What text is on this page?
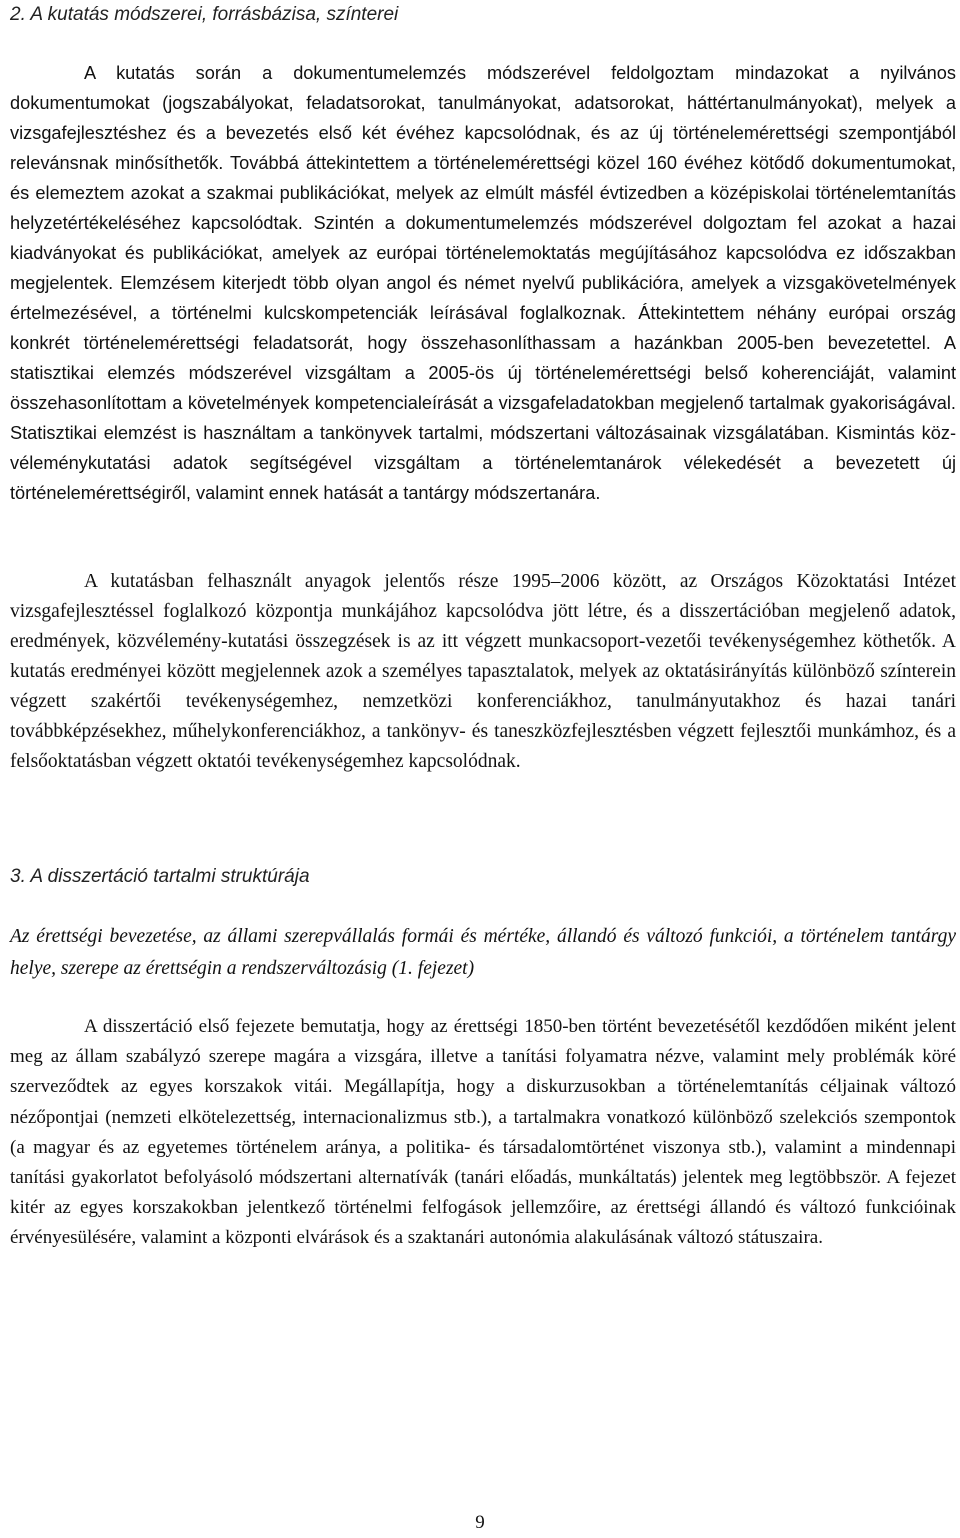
2. A kutatás módszerei, forrásbázisa, színterei

A kutatás során a dokumentumelemzés módszerével feldolgoztam mindazokat a nyilvános dokumentumokat (jogszabályokat, feladatsorokat, tanulmányokat, adatsorokat, háttértanulmányokat), melyek a vizsgafejlesztéshez és a bevezetés első két évéhez kapcsolódnak, és az új történelemérettségi szempontjából relevánsnak minősíthetők. Továbbá áttekintettem a történelemérettségi közel 160 évéhez kötődő dokumentumokat, és elemeztem azokat a szakmai publikációkat, melyek az elmúlt másfél évtizedben a középiskolai történelemtanítás helyzetértékeléséhez kapcsolódtak. Szintén a dokumentumelemzés módszerével dolgoztam fel azokat a hazai kiadványokat és publikációkat, amelyek az európai történelemoktatás megújításához kapcsolódva ez időszakban megjelentek. Elemzésem kiterjedt több olyan angol és német nyelvű publikációra, amelyek a vizsgakövetelmények értelmezésével, a történelmi kulcskompetenciák leírásával foglalkoznak. Áttekintettem néhány európai ország konkrét történelemérettségi feladatsorát, hogy összehasonlíthassam a hazánkban 2005-ben bevezetettel. A statisztikai elemzés módszerével vizsgáltam a 2005-ös új történelemérettségi belső koherenciáját, valamint összehasonlítottam a követelmények kompetencialeírását a vizsgafeladatokban megjelenő tartalmak gyakoriságával. Statisztikai elemzést is használtam a tankönyvek tartalmi, módszertani változásainak vizsgálatában. Kismintás köz-véleménykutatási adatok segítségével vizsgáltam a történelemtanárok vélekedését a bevezetett új történelemérettségiről, valamint ennek hatását a tantárgy módszertanára.

A kutatásban felhasznált anyagok jelentős része 1995–2006 között, az Országos Közoktatási Intézet vizsgafejlesztéssel foglalkozó központja munkájához kapcsolódva jött létre, és a disszertációban megjelenő adatok, eredmények, közvélemény-kutatási összegzések is az itt végzett munkacsoport-vezetői tevékenységemhez köthetők. A kutatás eredményei között megjelennek azok a személyes tapasztalatok, melyek az oktatásirányítás különböző színterein végzett szakértői tevékenységemhez, nemzetközi konferenciákhoz, tanulmányutakhoz és hazai tanári továbbképzésekhez, műhelykonferenciákhoz, a tankönyv- és taneszközfejlesztésben végzett fejlesztői munkámhoz, és a felsőoktatásban végzett oktatói tevékenységemhez kapcsolódnak.

3. A disszertáció tartalmi struktúrája

Az érettségi bevezetése, az állami szerepvállalás formái és mértéke, állandó és változó funkciói, a történelem tantárgy helye, szerepe az érettségin a rendszerváltozásig (1. fejezet)

A disszertáció első fejezete bemutatja, hogy az érettségi 1850-ben történt bevezetésétől kezdődően miként jelent meg az állam szabályzó szerepe magára a vizsgára, illetve a tanítási folyamatra nézve, valamint mely problémák köré szerveződtek az egyes korszakok vitái. Megállapítja, hogy a diskurzusokban a történelemtanítás céljainak változó nézőpontjai (nemzeti elkötelezettség, internacionalizmus stb.), a tartalmakra vonatkozó különböző szelekciós szempontok (a magyar és az egyetemes történelem aránya, a politika- és társadalomtörténet viszonya stb.), valamint a mindennapi tanítási gyakorlatot befolyásoló módszertani alternatívák (tanári előadás, munkáltatás) jelentek meg legtöbbször. A fejezet kitér az egyes korszakokban jelentkező történelmi felfogások jellemzőire, az érettségi állandó és változó funkcióinak érvényesülésére, valamint a központi elvárások és a szaktanári autonómia alakulásának változó státuszaira.

9
